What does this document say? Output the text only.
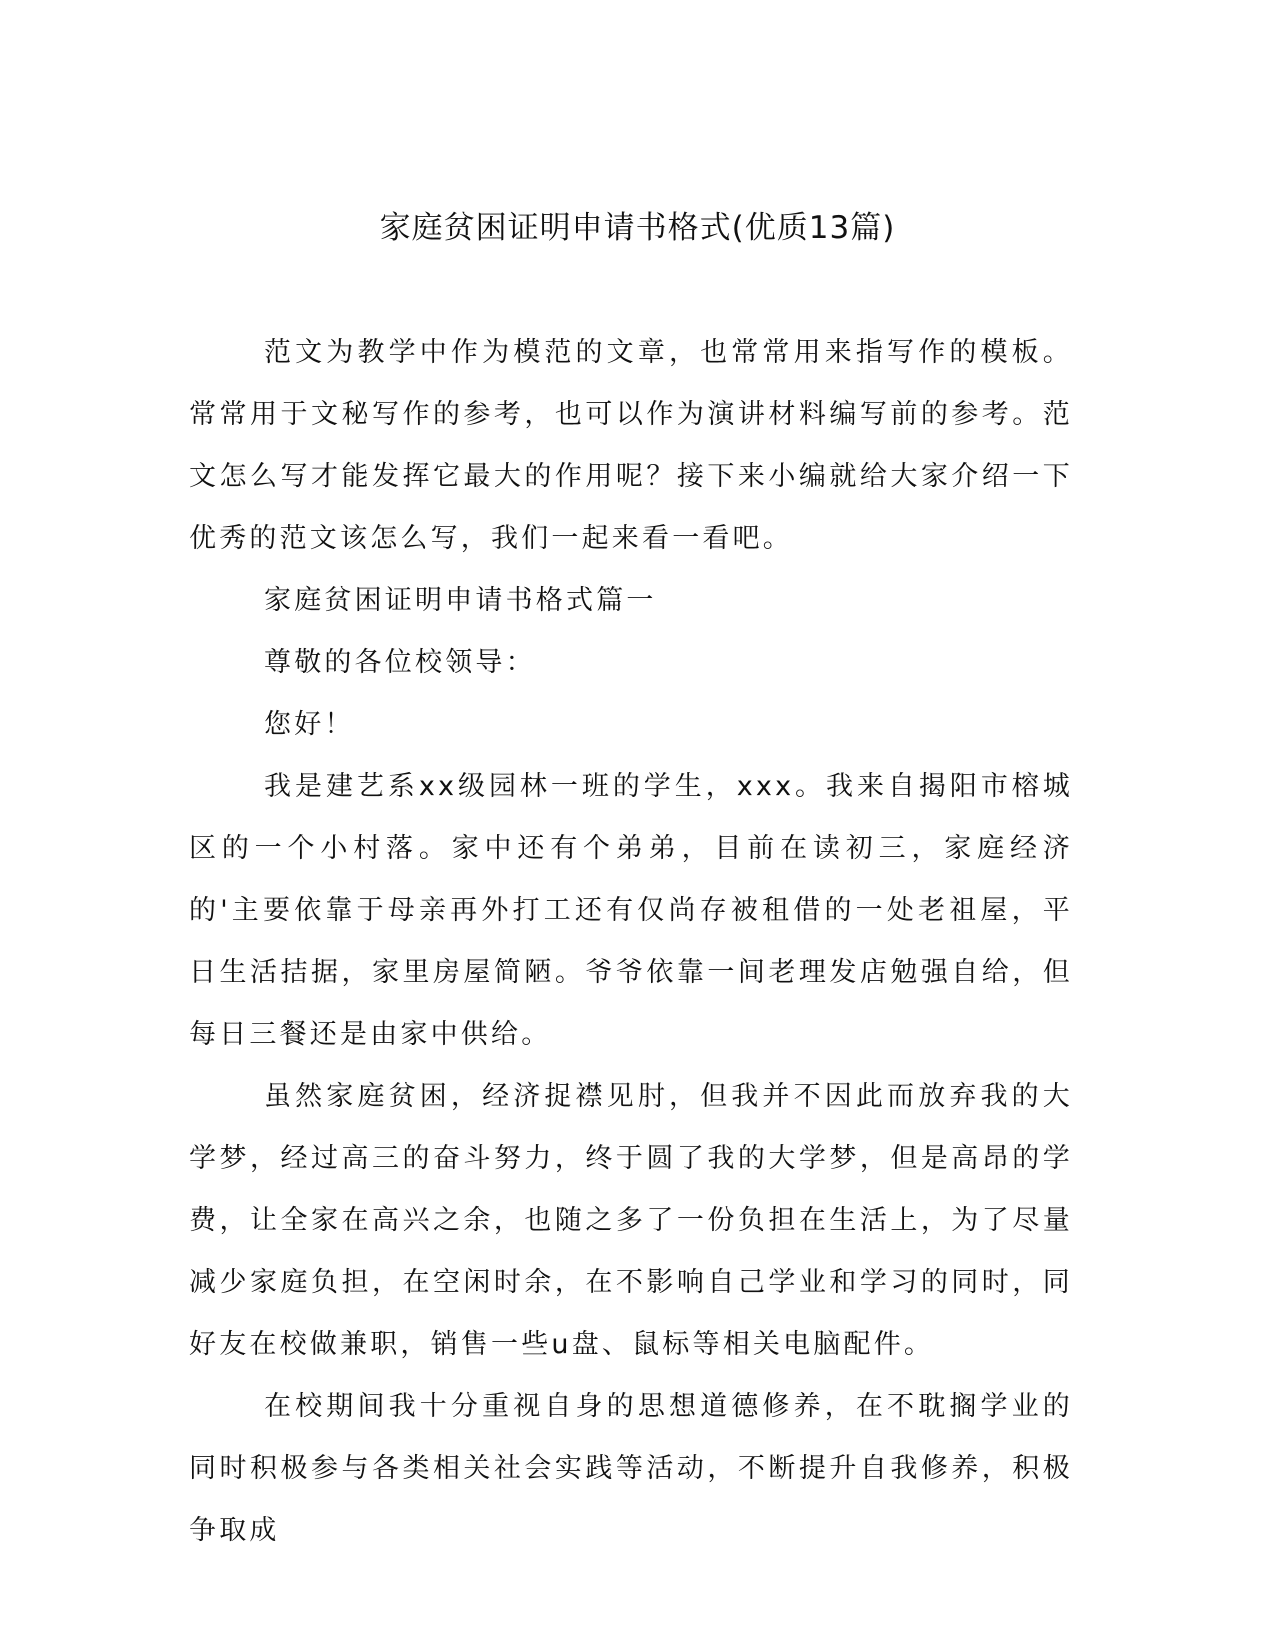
家庭贫困证明申请书格式(优质13篇)

范文为教学中作为模范的文章，也常常用来指写作的模板。常常用于文秘写作的参考，也可以作为演讲材料编写前的参考。范文怎么写才能发挥它最大的作用呢？接下来小编就给大家介绍一下优秀的范文该怎么写，我们一起来看一看吧。

家庭贫困证明申请书格式篇一

尊敬的各位校领导：

您好！

我是建艺系xx级园林一班的学生，xxx。我来自揭阳市榕城区的一个小村落。家中还有个弟弟，目前在读初三，家庭经济的'主要依靠于母亲再外打工还有仅尚存被租借的一处老祖屋，平日生活拮据，家里房屋简陋。爷爷依靠一间老理发店勉强自给，但每日三餐还是由家中供给。

虽然家庭贫困，经济捉襟见肘，但我并不因此而放弃我的大学梦，经过高三的奋斗努力，终于圆了我的大学梦，但是高昂的学费，让全家在高兴之余，也随之多了一份负担在生活上，为了尽量减少家庭负担，在空闲时余，在不影响自己学业和学习的同时，同好友在校做兼职，销售一些u盘、鼠标等相关电脑配件。

在校期间我十分重视自身的思想道德修养，在不耽搁学业的同时积极参与各类相关社会实践等活动，不断提升自我修养，积极争取成
